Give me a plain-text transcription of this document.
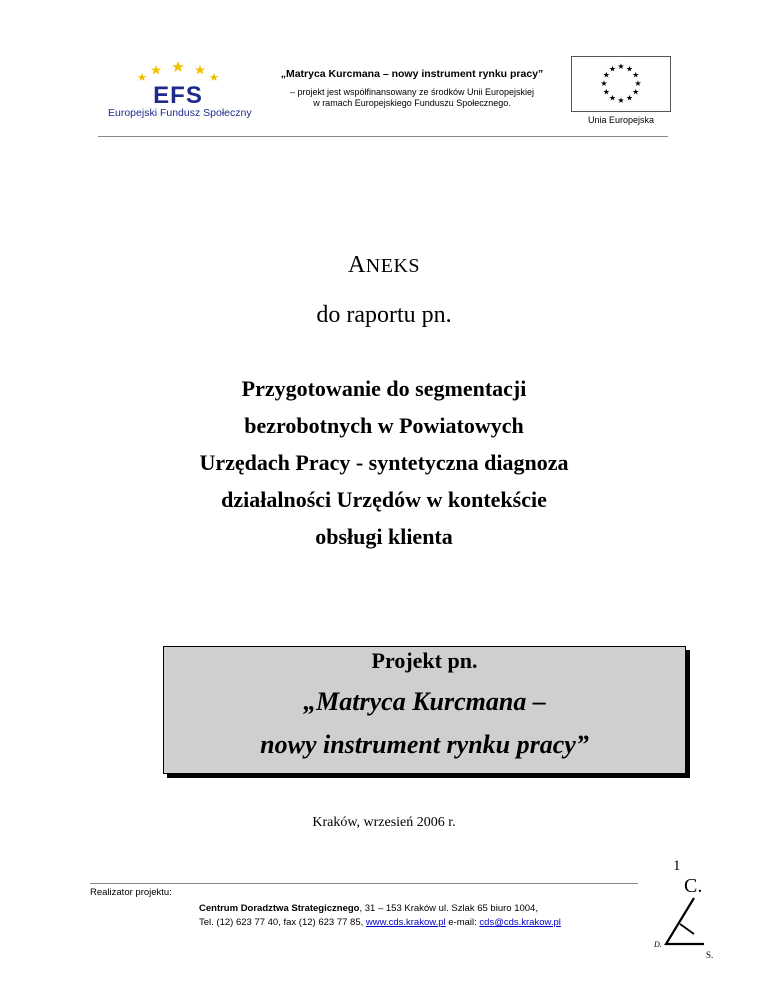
EFS
Europejski Fundusz Społeczny
„Matryca Kurcmana – nowy instrument rynku pracy”
– projekt jest współfinansowany ze środków Unii Europejskiej
w ramach Europejskiego Funduszu Społecznego.
★ ★
★
★
★
★
★
★
★
★
★
★
Unia Europejska
ANEKS
do raportu pn.
Przygotowanie do segmentacji
bezrobotnych w Powiatowych
Urzędach Pracy - syntetyczna diagnoza
działalności Urzędów w kontekście
obsługi klienta
Projekt pn.
„Matryca Kurcmana –
nowy instrument rynku pracy”
Kraków, wrzesień 2006 r.
1
Realizator projektu:
Centrum Doradztwa Strategicznego, 31 – 153 Kraków ul. Szlak 65 biuro 1004,
Tel. (12) 623 77 40, fax (12) 623 77 85, www.cds.krakow.pl e-mail: cds@cds.krakow.pl
C.
D.
S.
